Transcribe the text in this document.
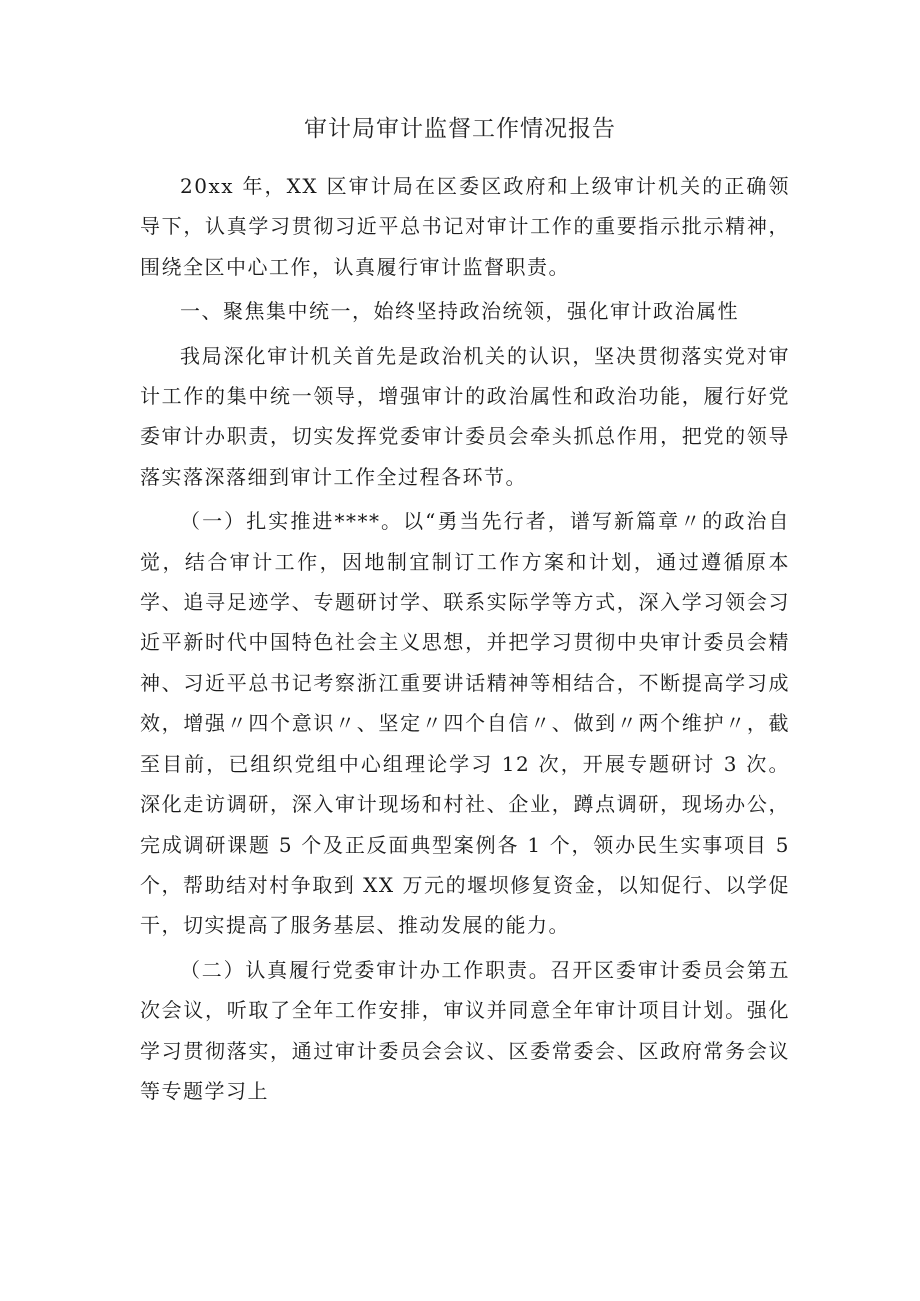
审计局审计监督工作情况报告

20xx 年，XX 区审计局在区委区政府和上级审计机关的正确领导下，认真学习贯彻习近平总书记对审计工作的重要指示批示精神，围绕全区中心工作，认真履行审计监督职责。

一、聚焦集中统一，始终坚持政治统领，强化审计政治属性

我局深化审计机关首先是政治机关的认识，坚决贯彻落实党对审计工作的集中统一领导，增强审计的政治属性和政治功能，履行好党委审计办职责，切实发挥党委审计委员会牵头抓总作用，把党的领导落实落深落细到审计工作全过程各环节。

（一）扎实推进****。以“勇当先行者，谱写新篇章〃的政治自觉，结合审计工作，因地制宜制订工作方案和计划，通过遵循原本学、追寻足迹学、专题研讨学、联系实际学等方式，深入学习领会习近平新时代中国特色社会主义思想，并把学习贯彻中央审计委员会精神、习近平总书记考察浙江重要讲话精神等相结合，不断提高学习成效，增强〃四个意识〃、坚定〃四个自信〃、做到〃两个维护〃，截至目前，已组织党组中心组理论学习 12 次，开展专题研讨 3 次。深化走访调研，深入审计现场和村社、企业，蹲点调研，现场办公，完成调研课题 5 个及正反面典型案例各 1 个，领办民生实事项目 5 个，帮助结对村争取到 XX 万元的堰坝修复资金，以知促行、以学促干，切实提高了服务基层、推动发展的能力。

（二）认真履行党委审计办工作职责。召开区委审计委员会第五次会议，听取了全年工作安排，审议并同意全年审计项目计划。强化学习贯彻落实，通过审计委员会会议、区委常委会、区政府常务会议等专题学习上
